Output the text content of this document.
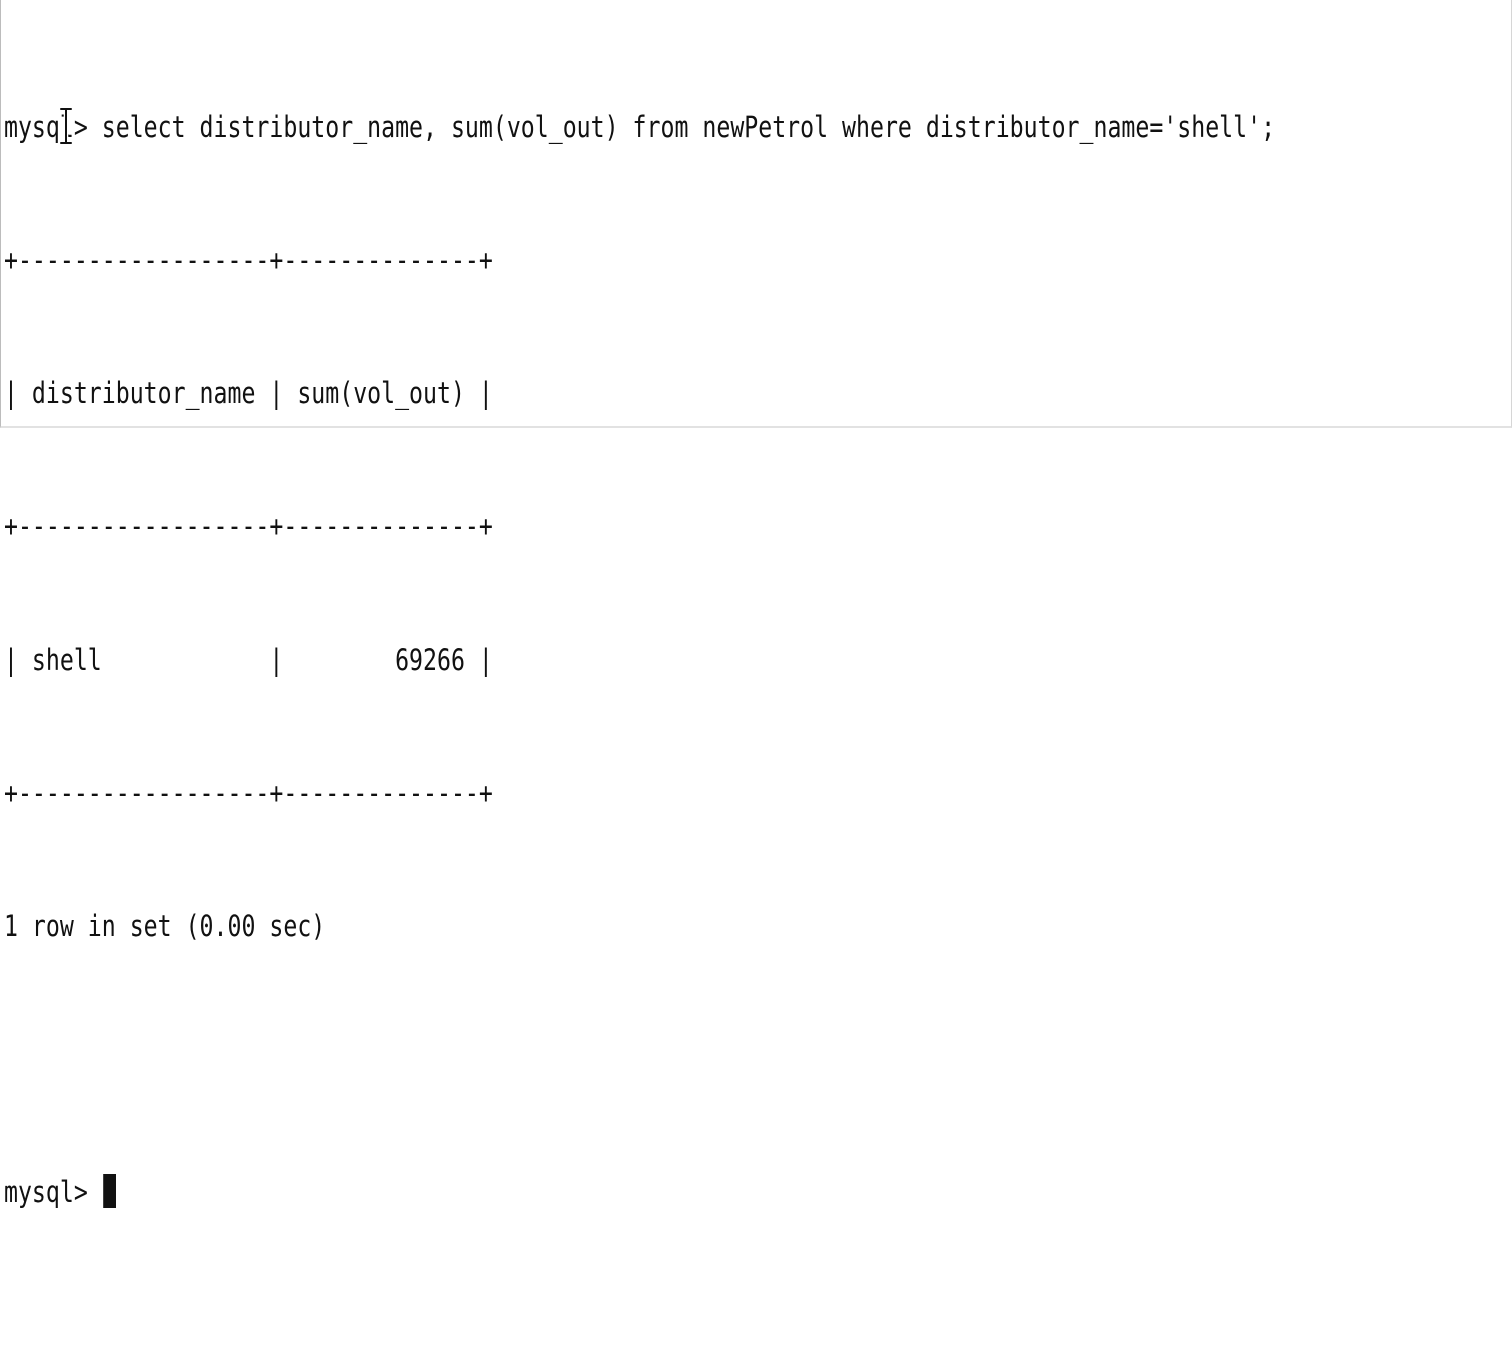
mysql> select distributor_name, sum(vol_out) from newPetrol where distributor_name='shell';

+------------------+--------------+

| distributor_name | sum(vol_out) |

+------------------+--------------+

| shell            |        69266 |

+------------------+--------------+

1 row in set (0.00 sec)

mysql>
